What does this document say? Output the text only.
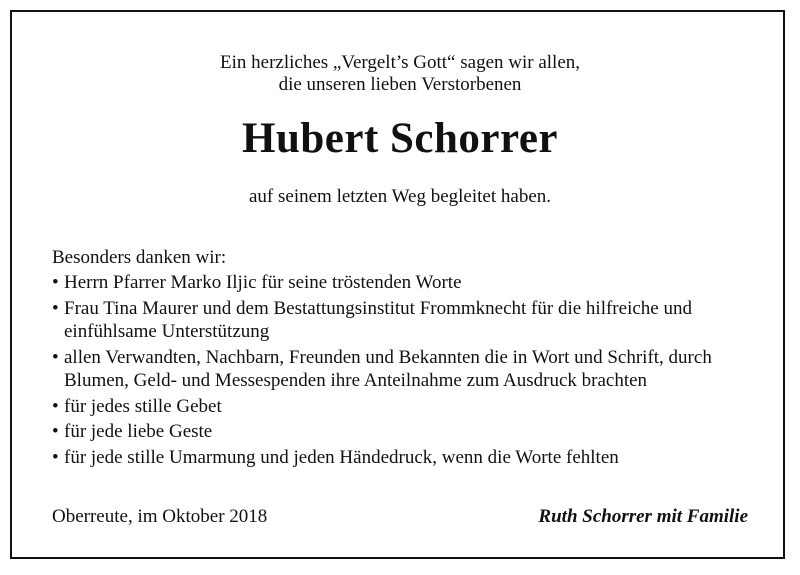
Ein herzliches „Vergelt’s Gott“ sagen wir allen,
die unseren lieben Verstorbenen
Hubert Schorrer
auf seinem letzten Weg begleitet haben.
Besonders danken wir:
• Herrn Pfarrer Marko Iljic für seine tröstenden Worte
• Frau Tina Maurer und dem Bestattungsinstitut Frommknecht für die hilfreiche und einfühlsame Unterstützung
• allen Verwandten, Nachbarn, Freunden und Bekannten die in Wort und Schrift, durch Blumen, Geld- und Messespenden ihre Anteilnahme zum Ausdruck brachten
• für jedes stille Gebet
• für jede liebe Geste
• für jede stille Umarmung und jeden Händedruck, wenn die Worte fehlten
Oberreute, im Oktober 2018	Ruth Schorrer mit Familie
